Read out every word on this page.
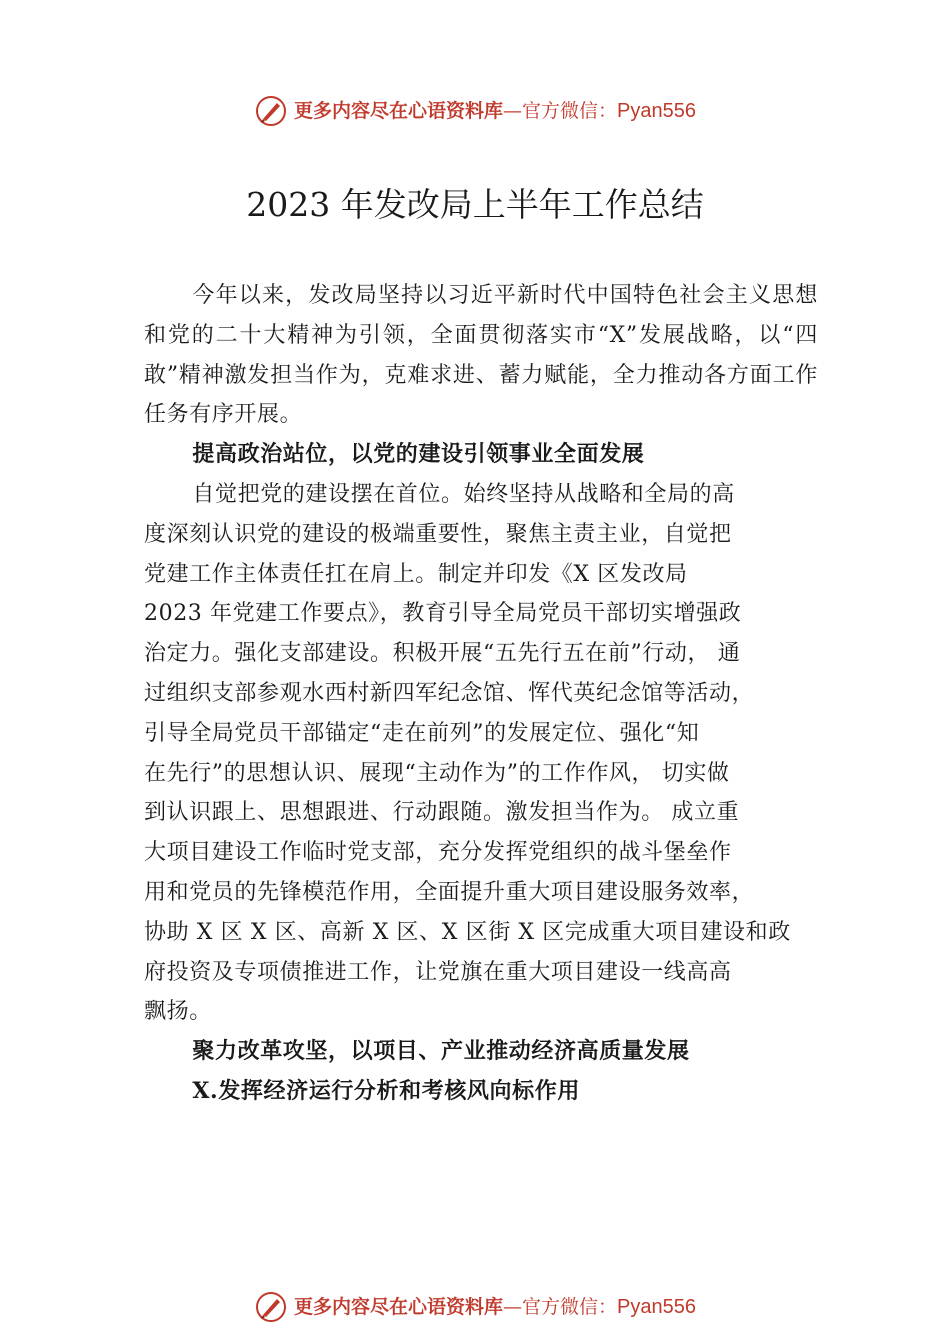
更多内容尽在心语资料库—官方微信：Pyan556
2023 年发改局上半年工作总结

今年以来，发改局坚持以习近平新时代中国特色社会主义思想和党的二十大精神为引领，全面贯彻落实市“X”发展战略，以“四敢”精神激发担当作为，克难求进、蓄力赋能，全力推动各方面工作任务有序开展。

提高政治站位，以党的建设引领事业全面发展

自觉把党的建设摆在首位。始终坚持从战略和全局的高
度深刻认识党的建设的极端重要性，聚焦主责主业，自觉把
党建工作主体责任扛在肩上。制定并印发《X 区发改局
2023 年党建工作要点》，教育引导全局党员干部切实增强政
治定力。强化支部建设。积极开展“五先行五在前”行动， 通
过组织支部参观水西村新四军纪念馆、恽代英纪念馆等活动，
引导全局党员干部锚定“走在前列”的发展定位、强化“知
在先行”的思想认识、展现“主动作为”的工作作风， 切实做
到认识跟上、思想跟进、行动跟随。激发担当作为。 成立重
大项目建设工作临时党支部，充分发挥党组织的战斗堡垒作
用和党员的先锋模范作用，全面提升重大项目建设服务效率，
协助 X 区 X 区、高新 X 区、X 区街 X 区完成重大项目建设和政
府投资及专项债推进工作，让党旗在重大项目建设一线高高
飘扬。

聚力改革攻坚，以项目、产业推动经济高质量发展

X.发挥经济运行分析和考核风向标作用

更多内容尽在心语资料库—官方微信：Pyan556
